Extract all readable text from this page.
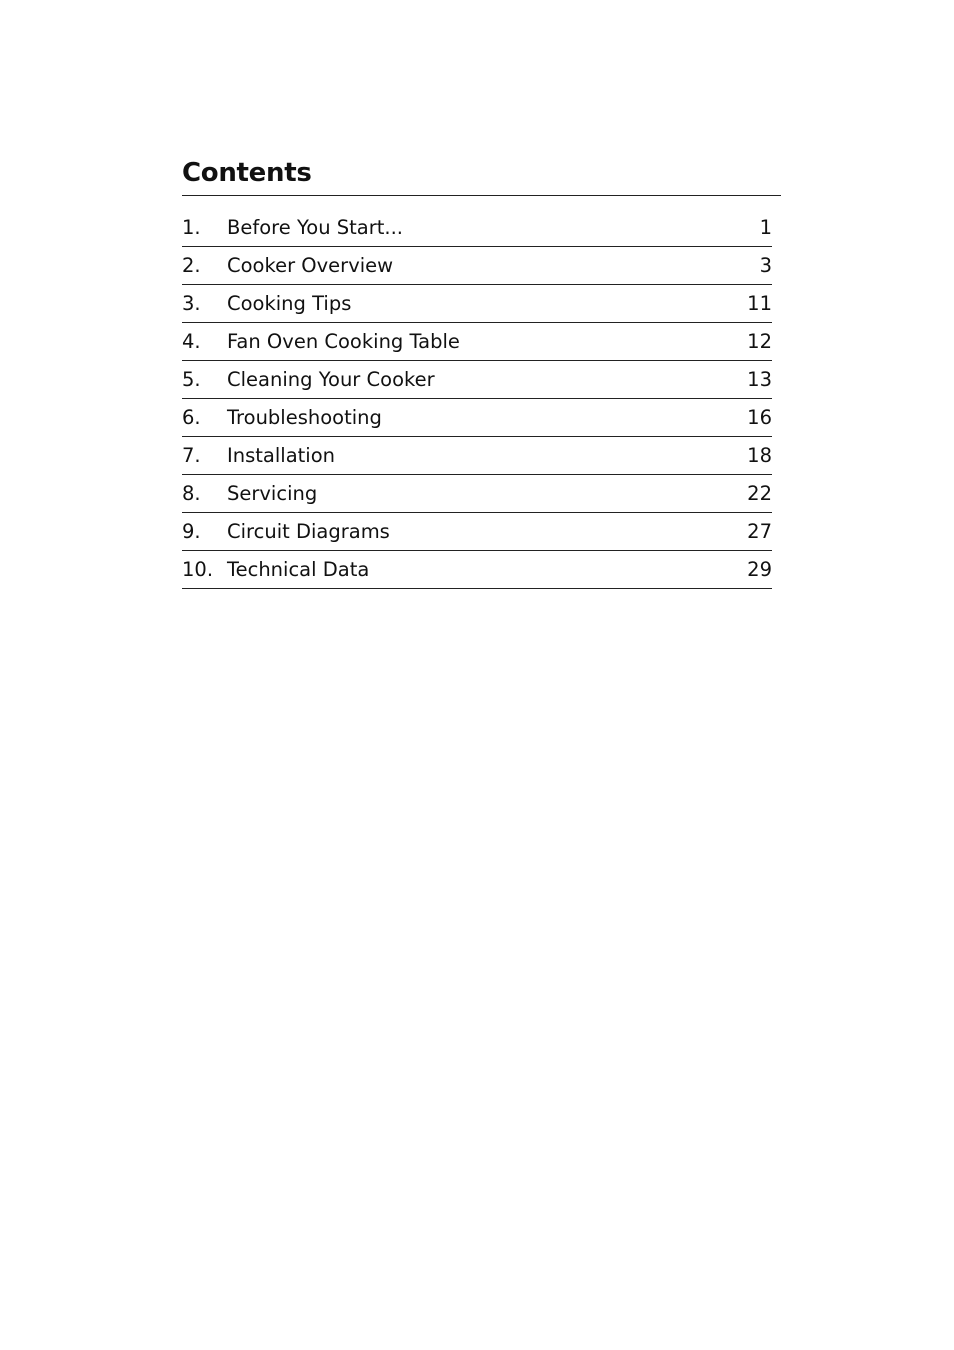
Contents
1.	Before You Start...	1
2.	Cooker Overview	3
3.	Cooking Tips	11
4.	Fan Oven Cooking Table	12
5.	Cleaning Your Cooker	13
6.	Troubleshooting	16
7.	Installation	18
8.	Servicing	22
9.	Circuit Diagrams	27
10. Technical Data	29
